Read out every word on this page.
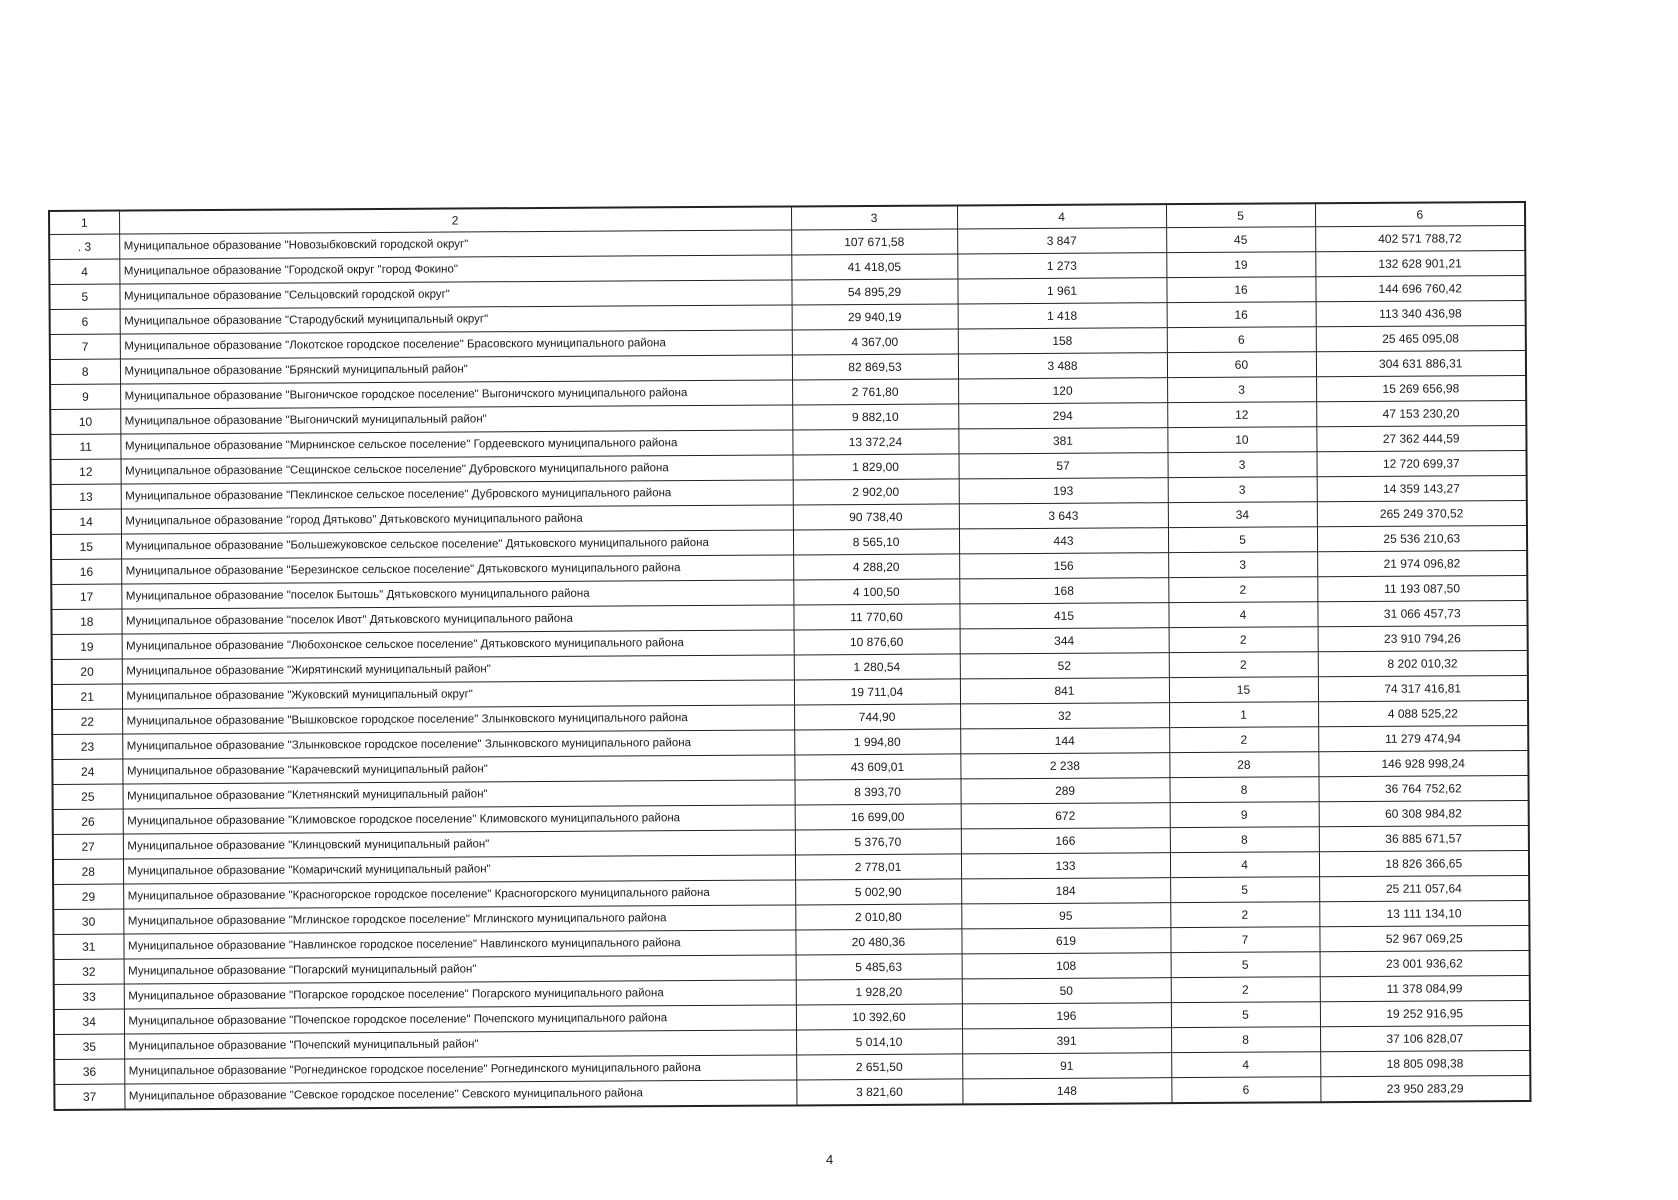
1	2	3	4	5	6
. 3	Муниципальное образование "Новозыбковский городской округ"	107 671,58	3 847	45	402 571 788,72
4	Муниципальное образование "Городской округ "город Фокино"	41 418,05	1 273	19	132 628 901,21
5	Муниципальное образование "Сельцовский городской округ"	54 895,29	1 961	16	144 696 760,42
6	Муниципальное образование "Стародубский муниципальный округ"	29 940,19	1 418	16	113 340 436,98
7	Муниципальное образование "Локотское городское поселение" Брасовского муниципального района	4 367,00	158	6	25 465 095,08
8	Муниципальное образование "Брянский муниципальный район"	82 869,53	3 488	60	304 631 886,31
9	Муниципальное образование "Выгоничское городское поселение" Выгоничского муниципального района	2 761,80	120	3	15 269 656,98
10	Муниципальное образование "Выгоничский муниципальный район"	9 882,10	294	12	47 153 230,20
11	Муниципальное образование "Мирнинское сельское поселение" Гордеевского муниципального района	13 372,24	381	10	27 362 444,59
12	Муниципальное образование "Сещинское сельское поселение" Дубровского муниципального района	1 829,00	57	3	12 720 699,37
13	Муниципальное образование "Пеклинское сельское поселение" Дубровского муниципального района	2 902,00	193	3	14 359 143,27
14	Муниципальное образование "город Дятьково" Дятьковского муниципального района	90 738,40	3 643	34	265 249 370,52
15	Муниципальное образование "Большежуковское сельское поселение" Дятьковского муниципального района	8 565,10	443	5	25 536 210,63
16	Муниципальное образование "Березинское сельское поселение" Дятьковского муниципального района	4 288,20	156	3	21 974 096,82
17	Муниципальное образование "поселок Бытошь" Дятьковского муниципального района	4 100,50	168	2	11 193 087,50
18	Муниципальное образование "поселок Ивот" Дятьковского муниципального района	11 770,60	415	4	31 066 457,73
19	Муниципальное образование "Любохонское сельское поселение" Дятьковского муниципального района	10 876,60	344	2	23 910 794,26
20	Муниципальное образование "Жирятинский муниципальный район"	1 280,54	52	2	8 202 010,32
21	Муниципальное образование "Жуковский муниципальный округ"	19 711,04	841	15	74 317 416,81
22	Муниципальное образование "Вышковское городское поселение" Злынковского муниципального района	744,90	32	1	4 088 525,22
23	Муниципальное образование "Злынковское городское поселение" Злынковского муниципального района	1 994,80	144	2	11 279 474,94
24	Муниципальное образование "Карачевский муниципальный район"	43 609,01	2 238	28	146 928 998,24
25	Муниципальное образование "Клетнянский муниципальный район"	8 393,70	289	8	36 764 752,62
26	Муниципальное образование "Климовское городское поселение" Климовского муниципального района	16 699,00	672	9	60 308 984,82
27	Муниципальное образование "Клинцовский муниципальный район"	5 376,70	166	8	36 885 671,57
28	Муниципальное образование "Комаричский муниципальный район"	2 778,01	133	4	18 826 366,65
29	Муниципальное образование "Красногорское городское поселение" Красногорского муниципального района	5 002,90	184	5	25 211 057,64
30	Муниципальное образование "Мглинское городское поселение" Мглинского муниципального района	2 010,80	95	2	13 111 134,10
31	Муниципальное образование "Навлинское городское поселение" Навлинского муниципального района	20 480,36	619	7	52 967 069,25
32	Муниципальное образование "Погарский муниципальный район"	5 485,63	108	5	23 001 936,62
33	Муниципальное образование "Погарское городское поселение" Погарского муниципального района	1 928,20	50	2	11 378 084,99
34	Муниципальное образование "Почепское городское поселение" Почепского муниципального района	10 392,60	196	5	19 252 916,95
35	Муниципальное образование "Почепский муниципальный район"	5 014,10	391	8	37 106 828,07
36	Муниципальное образование "Рогнединское городское поселение" Рогнединского муниципального района	2 651,50	91	4	18 805 098,38
37	Муниципальное образование "Севское городское поселение" Севского муниципального района	3 821,60	148	6	23 950 283,29
4
